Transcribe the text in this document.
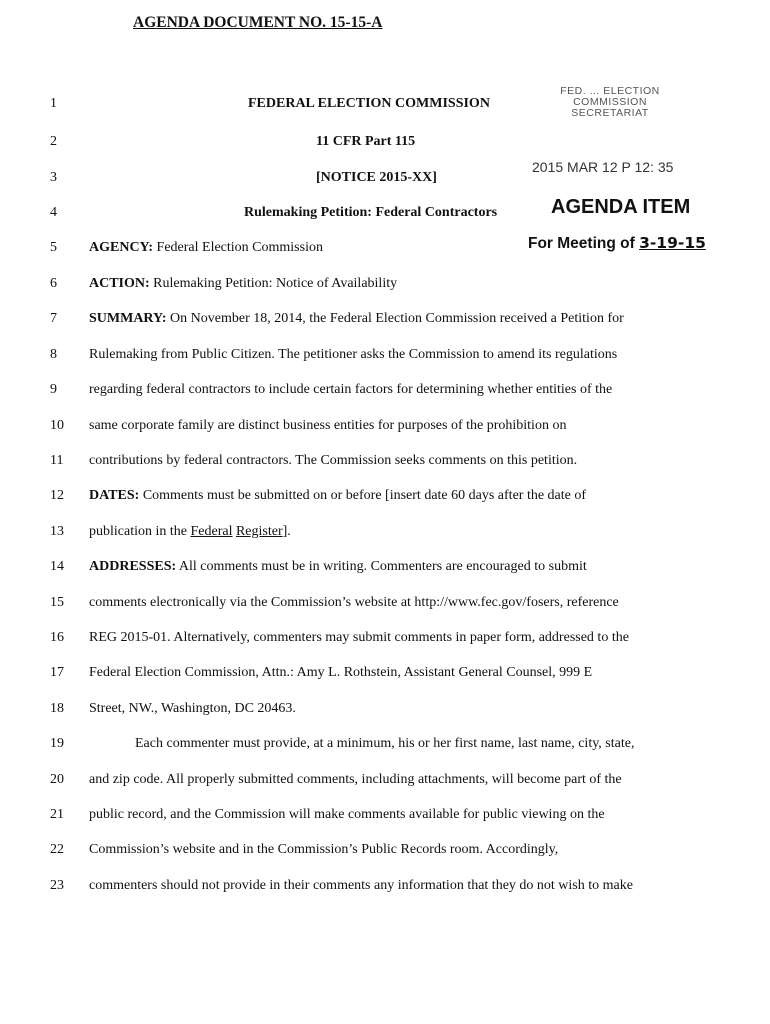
AGENDA DOCUMENT NO. 15-15-A
FED. ... ELECTION
COMMISSION
SECRETARIAT
2015 MAR 12 P 12: 35
AGENDA ITEM
For Meeting of 3-19-15
1
2
3
4
5
6
7
8
9
10
11
12
13
14
15
16
17
18
19
20
21
22
23
FEDERAL ELECTION COMMISSION
11 CFR Part 115
[NOTICE 2015-XX]
Rulemaking Petition: Federal Contractors
AGENCY: Federal Election Commission
ACTION: Rulemaking Petition: Notice of Availability
SUMMARY: On November 18, 2014, the Federal Election Commission received a Petition for
Rulemaking from Public Citizen. The petitioner asks the Commission to amend its regulations
regarding federal contractors to include certain factors for determining whether entities of the
same corporate family are distinct business entities for purposes of the prohibition on
contributions by federal contractors. The Commission seeks comments on this petition.
DATES: Comments must be submitted on or before [insert date 60 days after the date of
publication in the Federal Register].
ADDRESSES: All comments must be in writing. Commenters are encouraged to submit
comments electronically via the Commission’s website at http://www.fec.gov/fosers, reference
REG 2015-01. Alternatively, commenters may submit comments in paper form, addressed to the
Federal Election Commission, Attn.: Amy L. Rothstein, Assistant General Counsel, 999 E
Street, NW., Washington, DC 20463.
Each commenter must provide, at a minimum, his or her first name, last name, city, state,
and zip code. All properly submitted comments, including attachments, will become part of the
public record, and the Commission will make comments available for public viewing on the
Commission’s website and in the Commission’s Public Records room. Accordingly,
commenters should not provide in their comments any information that they do not wish to make
